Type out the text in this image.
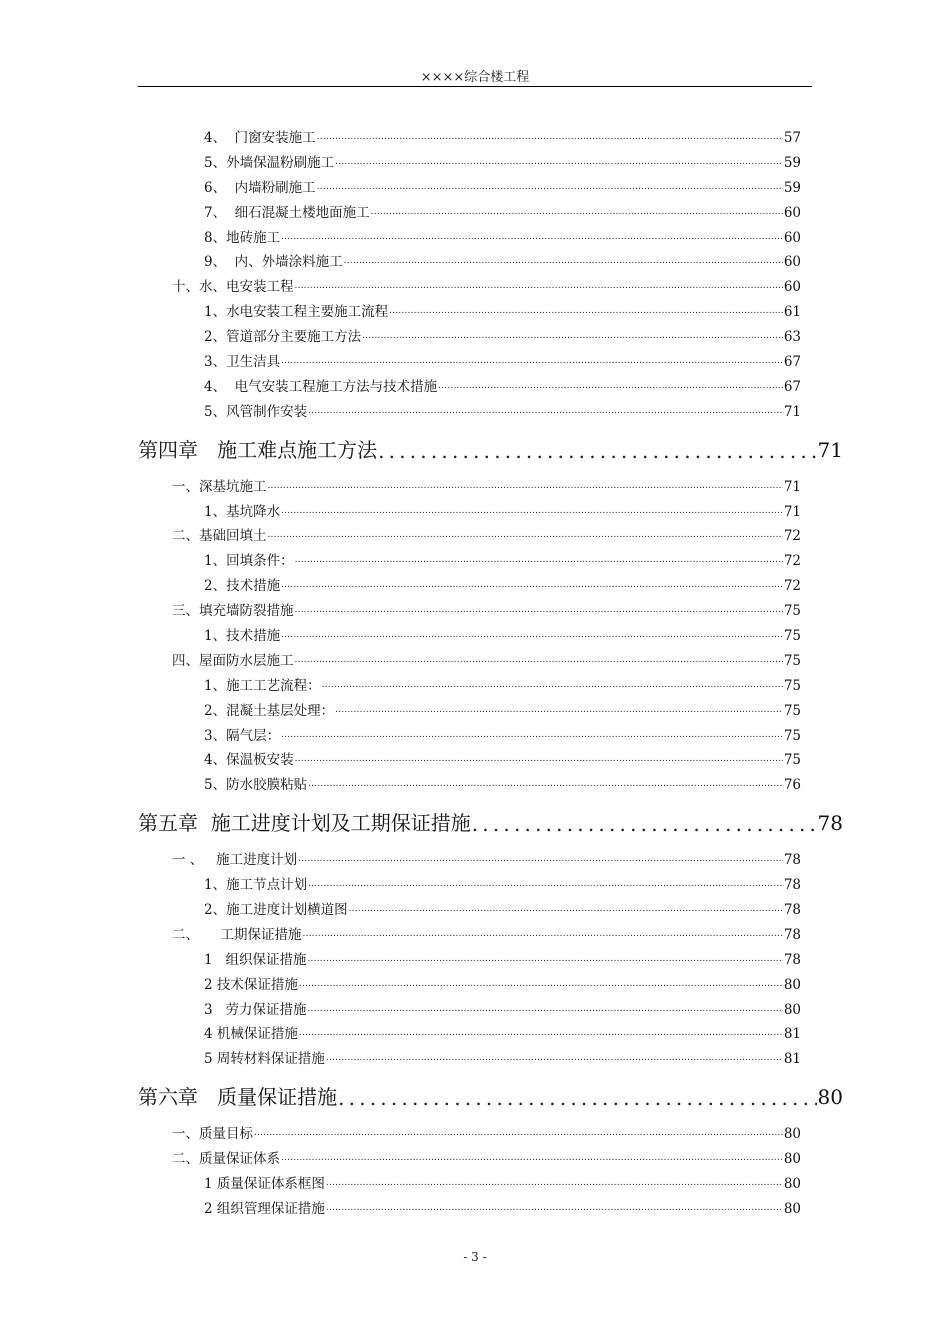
××××综合楼工程
4、  门窗安装施工 .....	57
5、外墙保温粉刷施工 .....	59
6、  内墙粉刷施工 .....	59
7、  细石混凝土楼地面施工 .....	60
8、地砖施工 .....	60
9、  内、外墙涂料施工 .....	60
十、水、电安装工程 .....	60
1、水电安装工程主要施工流程 .....	61
2、管道部分主要施工方法 .....	63
3、卫生洁具 .....	67
4、  电气安装工程施工方法与技术措施 .....	67
5、风管制作安装 .....	71
第四章   施工难点施工方法 .....	71
一、深基坑施工 .....	71
1、基坑降水 .....	71
二、基础回填土 .....	72
1、回填条件： .....	72
2、技术措施 .....	72
三、填充墙防裂措施 .....	75
1、技术措施 .....	75
四、屋面防水层施工 .....	75
1、施工工艺流程： .....	75
2、混凝土基层处理： .....	75
3、隔气层： .....	75
4、保温板安装 .....	75
5、防水胶膜粘贴 .....	76
第五章  施工进度计划及工期保证措施 .....	78
一 、   施工进度计划 .....	78
1、施工节点计划 .....	78
2、施工进度计划横道图 .....	78
二、     工期保证措施 .....	78
1   组织保证措施 .....	78
2 技术保证措施 .....	80
3   劳力保证措施 .....	80
4 机械保证措施 .....	81
5 周转材料保证措施 .....	81
第六章   质量保证措施 .....	80
一、质量目标 .....	80
二、质量保证体系 .....	80
1 质量保证体系框图 .....	80
2 组织管理保证措施 .....	80
- 3 -
